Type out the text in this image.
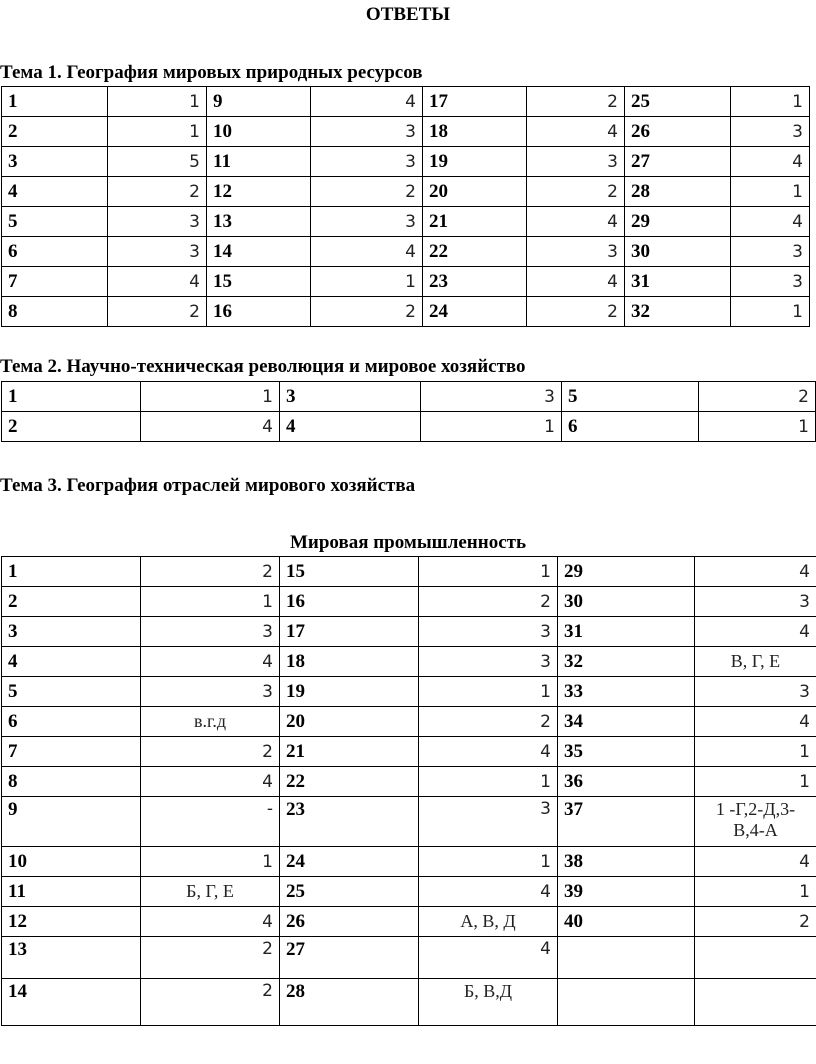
ОТВЕТЫ
Тема 1. География мировых природных ресурсов
1	1	9	4	17	2	25	1
2	1	10	3	18	4	26	3
3	5	11	3	19	3	27	4
4	2	12	2	20	2	28	1
5	3	13	3	21	4	29	4
6	3	14	4	22	3	30	3
7	4	15	1	23	4	31	3
8	2	16	2	24	2	32	1
Тема 2. Научно-техническая революция и мировое хозяйство
1	1	3	3	5	2
2	4	4	1	6	1
Тема 3. География отраслей мирового хозяйства
Мировая промышленность
1	2	15	1	29	4
2	1	16	2	30	3
3	3	17	3	31	4
4	4	18	3	32	В, Г, Е
5	3	19	1	33	3
6	в.г.д	20	2	34	4
7	2	21	4	35	1
8	4	22	1	36	1
9	-	23	3	37	1 -Г,2-Д,3-В,4-А
10	1	24	1	38	4
11	Б, Г, Е	25	4	39	1
12	4	26	А, В, Д	40	2
13	2	27	4		
14	2	28	Б, В,Д		
